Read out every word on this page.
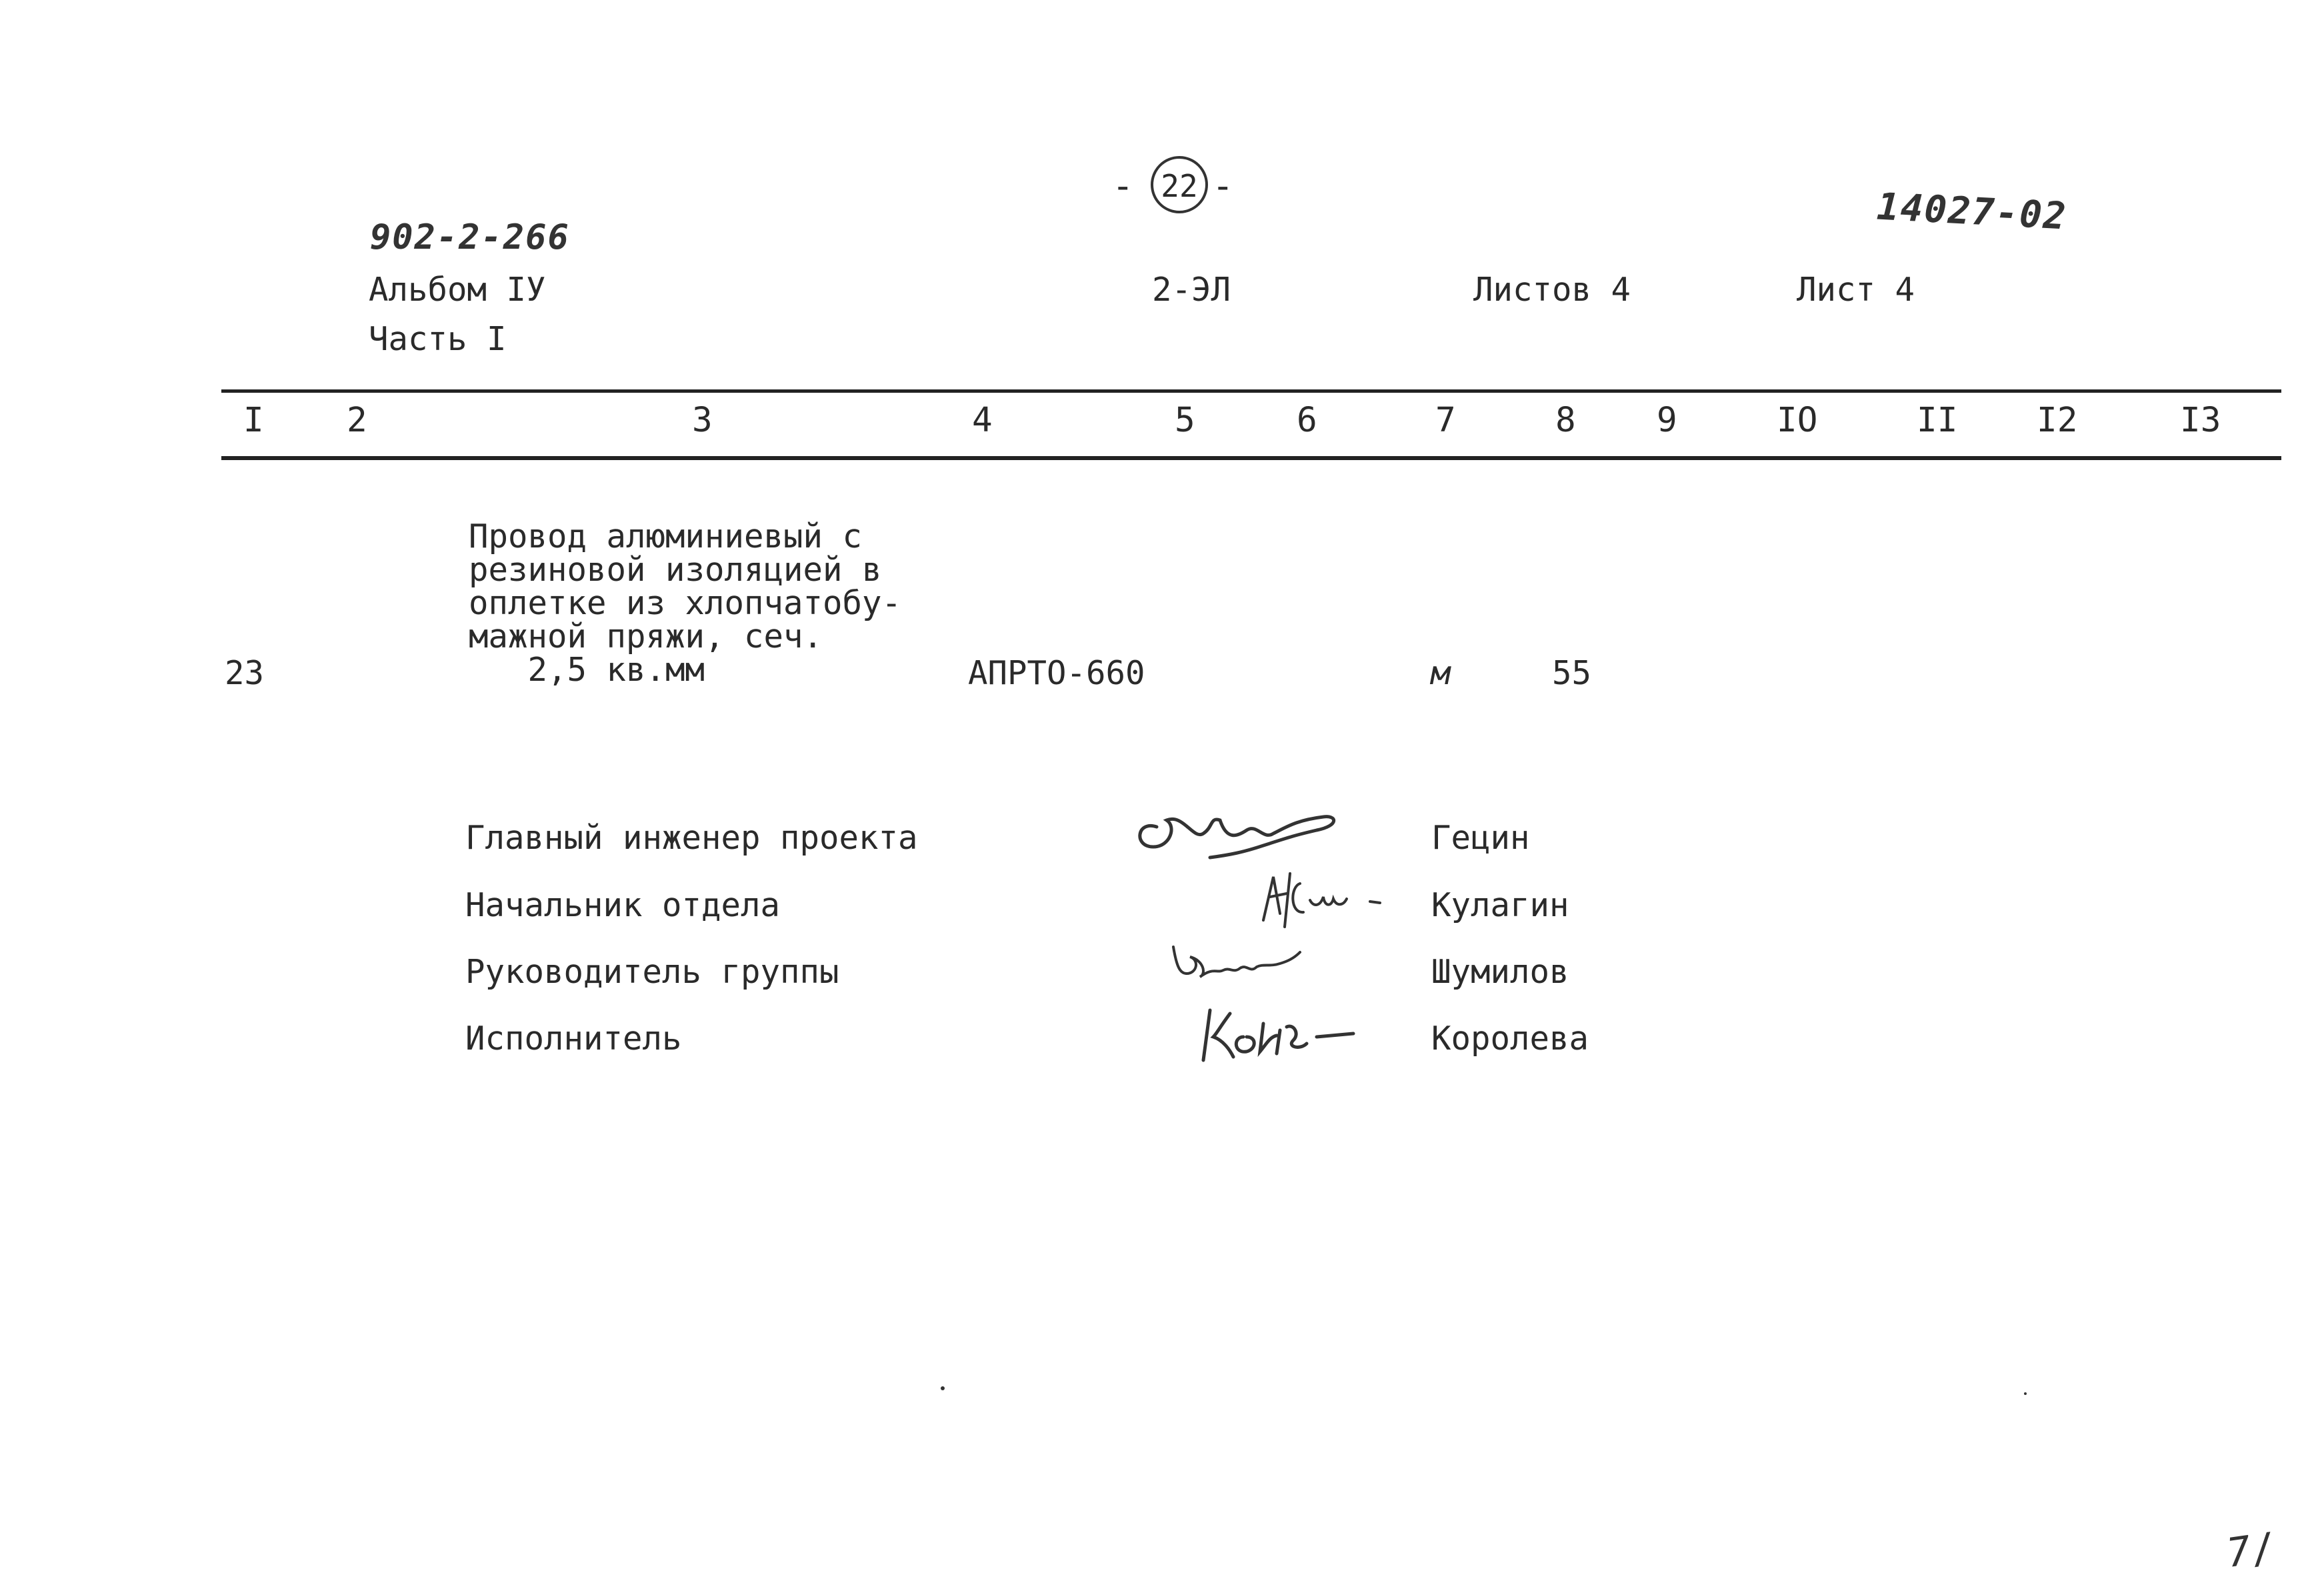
- 22 -
902-2-266	14027-02
Альбом IУ
Часть I
2-ЭЛ	Листов 4	Лист 4
I 2	3	4	5	6	7	8 9	IO	II I2	I3
23
Провод алюминиевый с
резиновой изоляцией в
оплетке из хлопчатобу-
мажной пряжи, сеч.
2,5 кв.мм	АПРТО-660	м	55
Главный инженер проекта	Гецин
Начальник отдела	Кулагин
Руководитель группы	Шумилов
Исполнитель	Королева
7/
